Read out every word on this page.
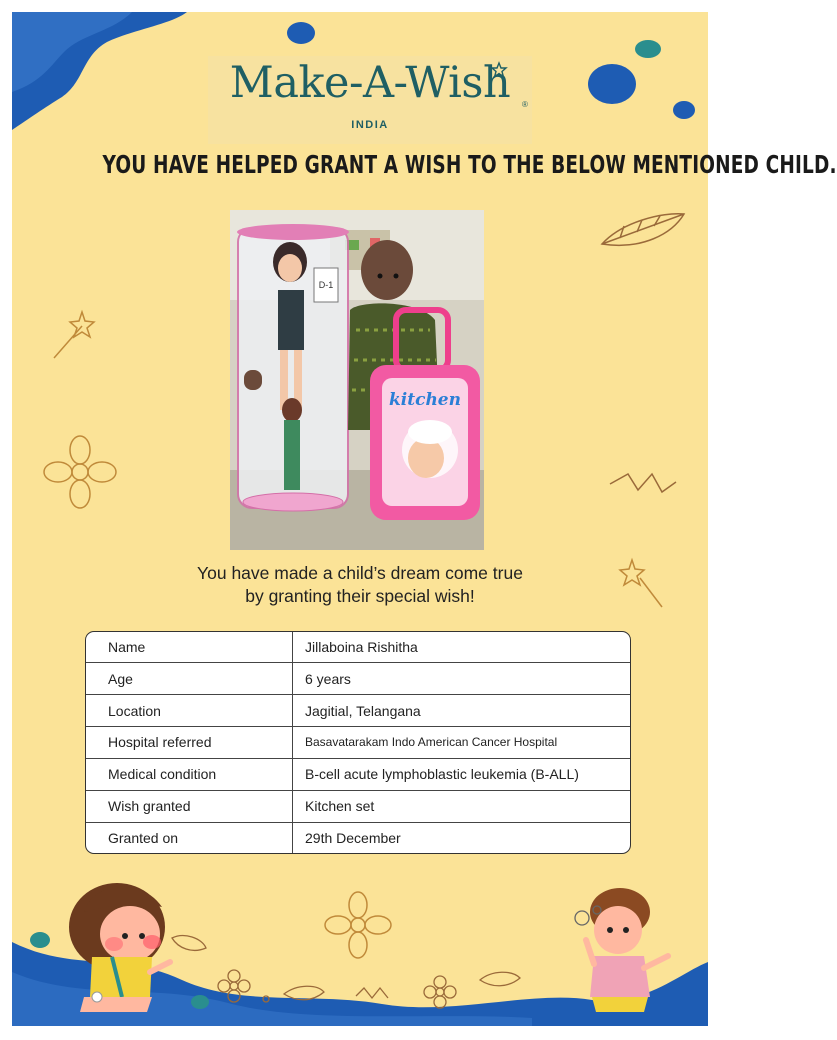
Make-A-Wish	®
INDIA
YOU HAVE HELPED GRANT A WISH TO THE BELOW MENTIONED CHILD.
D-1
kitchen
You have made a child’s dream come true
by granting their special wish!
Name	Jillaboina Rishitha
Age	6 years
Location	Jagitial, Telangana
Hospital referred	Basavatarakam Indo American Cancer Hospital
Medical condition	B-cell acute lymphoblastic leukemia (B-ALL)
Wish granted	Kitchen set
Granted on	29th December
